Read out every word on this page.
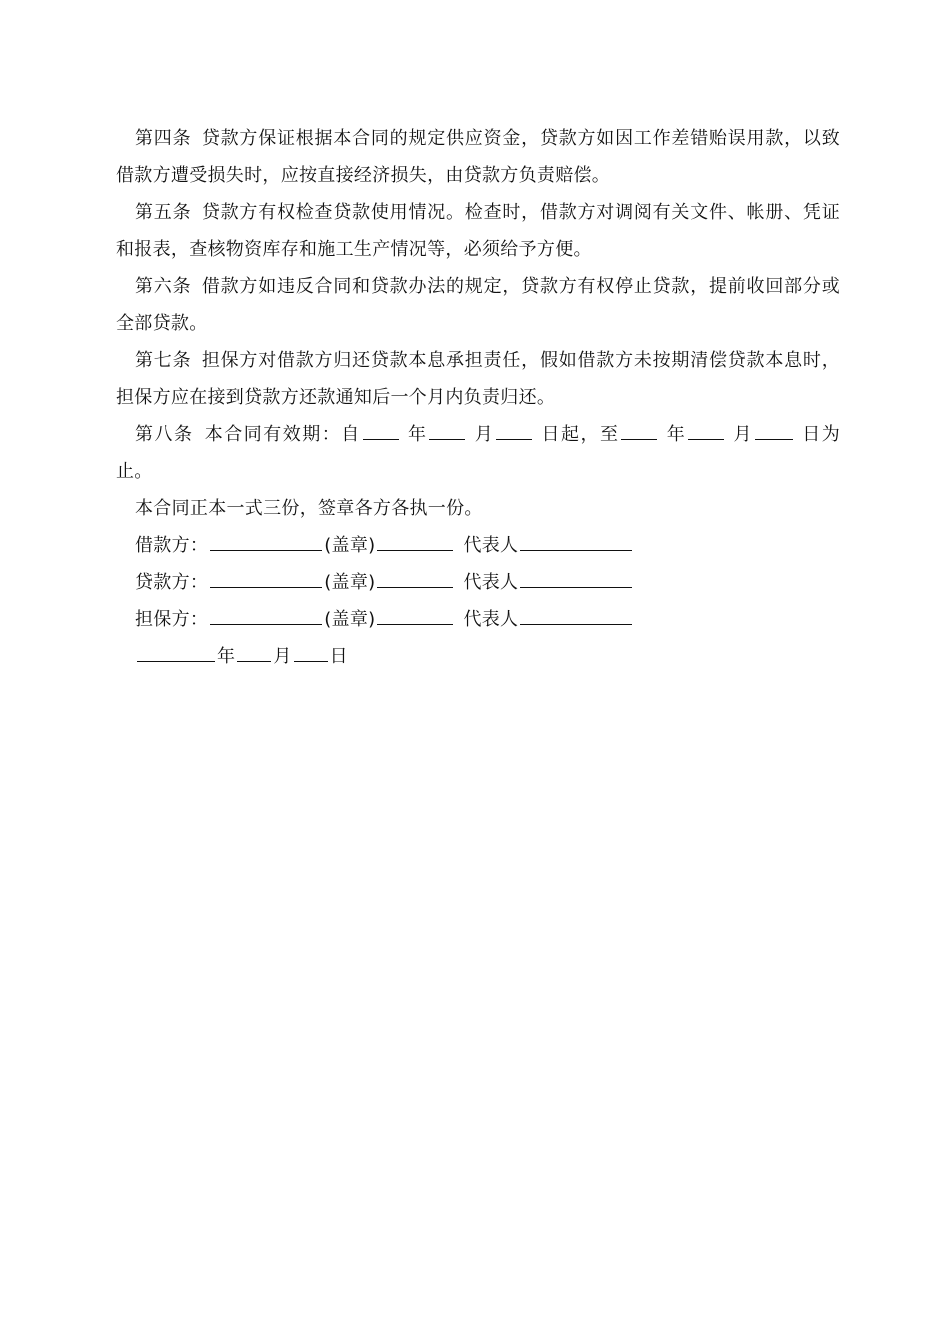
第四条 贷款方保证根据本合同的规定供应资金，贷款方如因工作差错贻误用款，以致借款方遭受损失时，应按直接经济损失，由贷款方负责赔偿。

第五条 贷款方有权检查贷款使用情况。检查时，借款方对调阅有关文件、帐册、凭证和报表，查核物资库存和施工生产情况等，必须给予方便。

第六条 借款方如违反合同和贷款办法的规定，贷款方有权停止贷款，提前收回部分或全部贷款。

第七条 担保方对借款方归还贷款本息承担责任，假如借款方未按期清偿贷款本息时，担保方应在接到贷款方还款通知后一个月内负责归还。

第八条 本合同有效期：自	年	月	日起，至	年	月	日为止。

本合同正本一式三份，签章各方各执一份。

借款方：	(盖章)	代表人

贷款方：	(盖章)	代表人

担保方：	(盖章)	代表人

年 月 日
